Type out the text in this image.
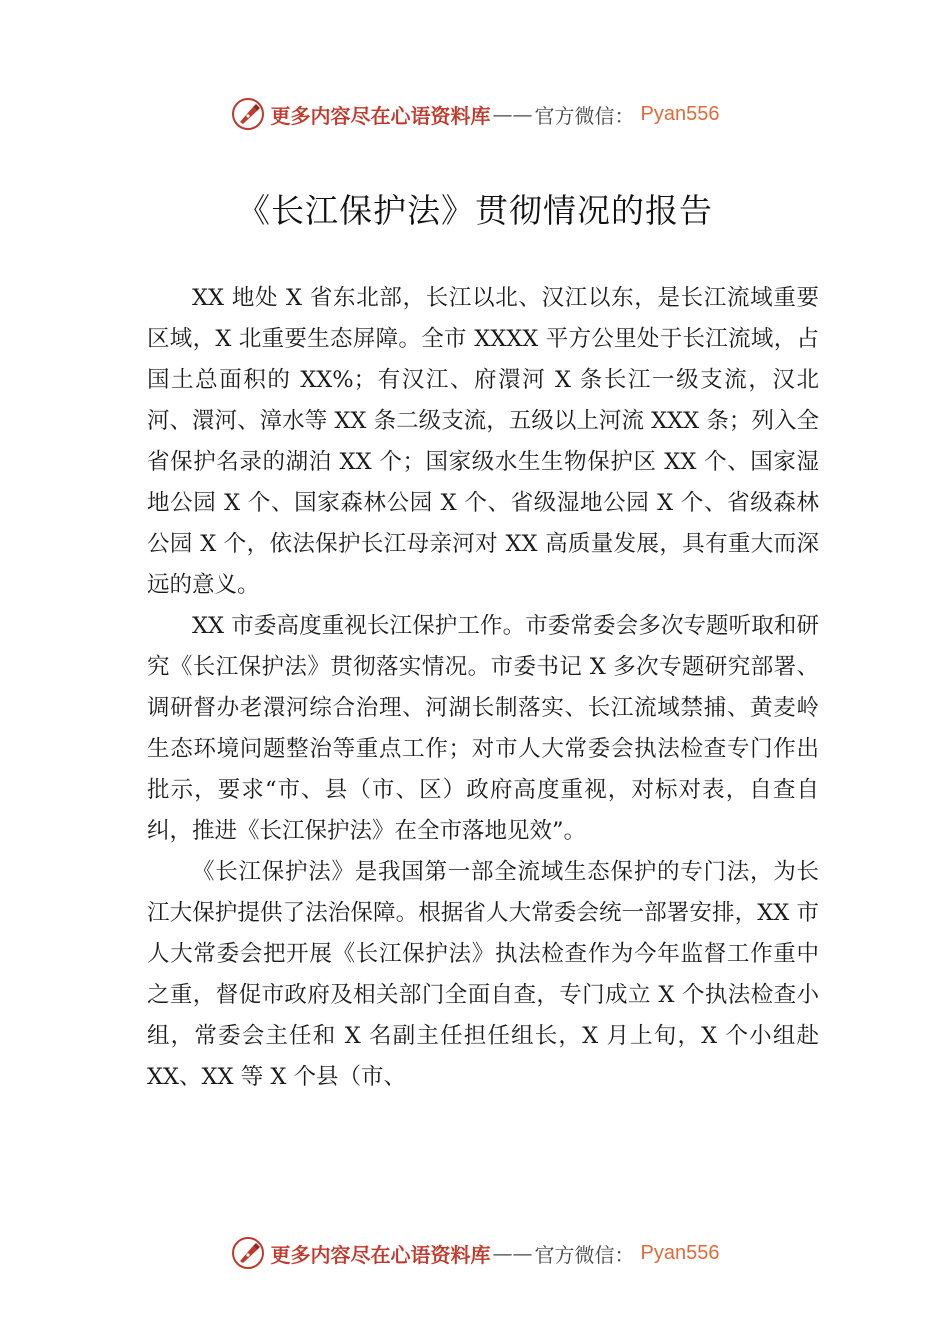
更多内容尽在心语资料库 —— 官方微信： Pyan556
《长江保护法》贯彻情况的报告

XX 地处 X 省东北部，长江以北、汉江以东，是长江流域重要区域，X 北重要生态屏障。全市 XXXX 平方公里处于长江流域，占国土总面积的 XX%；有汉江、府澴河 X 条长江一级支流，汉北河、澴河、漳水等 XX 条二级支流，五级以上河流 XXX 条；列入全省保护名录的湖泊 XX 个；国家级水生生物保护区 XX 个、国家湿地公园 X 个、国家森林公园 X 个、省级湿地公园 X 个、省级森林公园 X 个，依法保护长江母亲河对 XX 高质量发展，具有重大而深远的意义。

XX 市委高度重视长江保护工作。市委常委会多次专题听取和研究《长江保护法》贯彻落实情况。市委书记 X 多次专题研究部署、调研督办老澴河综合治理、河湖长制落实、长江流域禁捕、黄麦岭生态环境问题整治等重点工作；对市人大常委会执法检查专门作出批示，要求“市、县（市、区）政府高度重视，对标对表，自查自纠，推进《长江保护法》在全市落地见效”。

《长江保护法》是我国第一部全流域生态保护的专门法，为长江大保护提供了法治保障。根据省人大常委会统一部署安排，XX 市人大常委会把开展《长江保护法》执法检查作为今年监督工作重中之重，督促市政府及相关部门全面自查，专门成立 X 个执法检查小组，常委会主任和 X 名副主任担任组长，X 月上旬，X 个小组赴 XX、XX 等 X 个县（市、

更多内容尽在心语资料库 —— 官方微信： Pyan556
